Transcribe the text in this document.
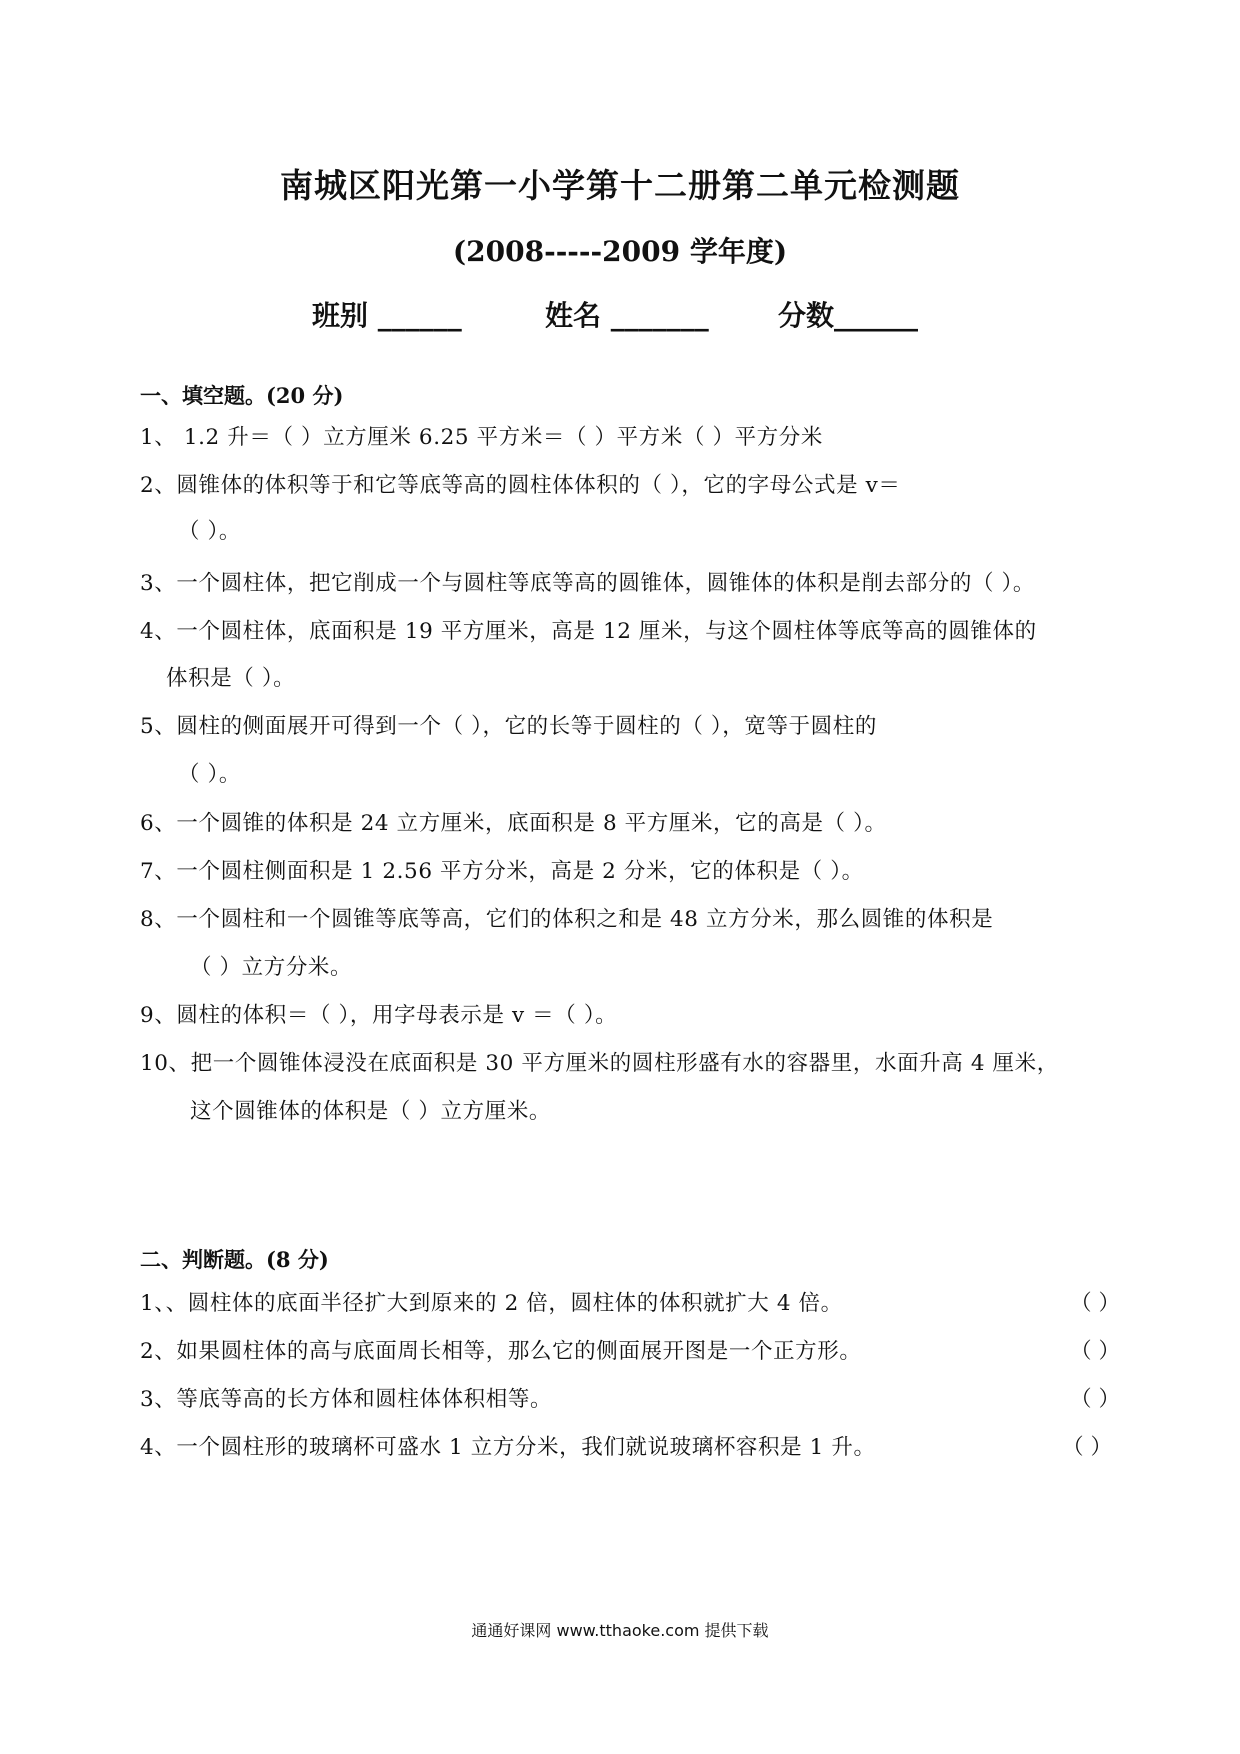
南城区阳光第一小学第十二册第二单元检测题
(2008-----2009 学年度)
班别 ______	姓名 _______ 分数______
一、填空题。(20 分)
1、 1.2 升＝（ ）立方厘米 6.25 平方米＝（ ）平方米（ ）平方分米
2、圆锥体的体积等于和它等底等高的圆柱体体积的（ ），它的字母公式是 v＝
（ ）。
3、一个圆柱体，把它削成一个与圆柱等底等高的圆锥体，圆锥体的体积是削去部分的（ ）。
4、一个圆柱体，底面积是 19 平方厘米，高是 12 厘米，与这个圆柱体等底等高的圆锥体的
体积是（ ）。
5、圆柱的侧面展开可得到一个（ ），它的长等于圆柱的（ ），宽等于圆柱的
（ ）。
6、一个圆锥的体积是 24 立方厘米，底面积是 8 平方厘米，它的高是（ ）。
7、一个圆柱侧面积是 1 2.56 平方分米，高是 2 分米，它的体积是（ ）。
8、一个圆柱和一个圆锥等底等高，它们的体积之和是 48 立方分米，那么圆锥的体积是
（ ）立方分米。
9、圆柱的体积＝（ ），用字母表示是 v ＝（ ）。
10、把一个圆锥体浸没在底面积是 30 平方厘米的圆柱形盛有水的容器里，水面升高 4 厘米，
这个圆锥体的体积是（ ）立方厘米。
二、判断题。(8 分)
1、、圆柱体的底面半径扩大到原来的 2 倍，圆柱体的体积就扩大 4 倍。	（ ）
2、如果圆柱体的高与底面周长相等，那么它的侧面展开图是一个正方形。	（ ）
3、等底等高的长方体和圆柱体体积相等。	（ ）
4、一个圆柱形的玻璃杯可盛水 1 立方分米，我们就说玻璃杯容积是 1 升。	（ ）
通通好课网 www.tthaoke.com 提供下载
